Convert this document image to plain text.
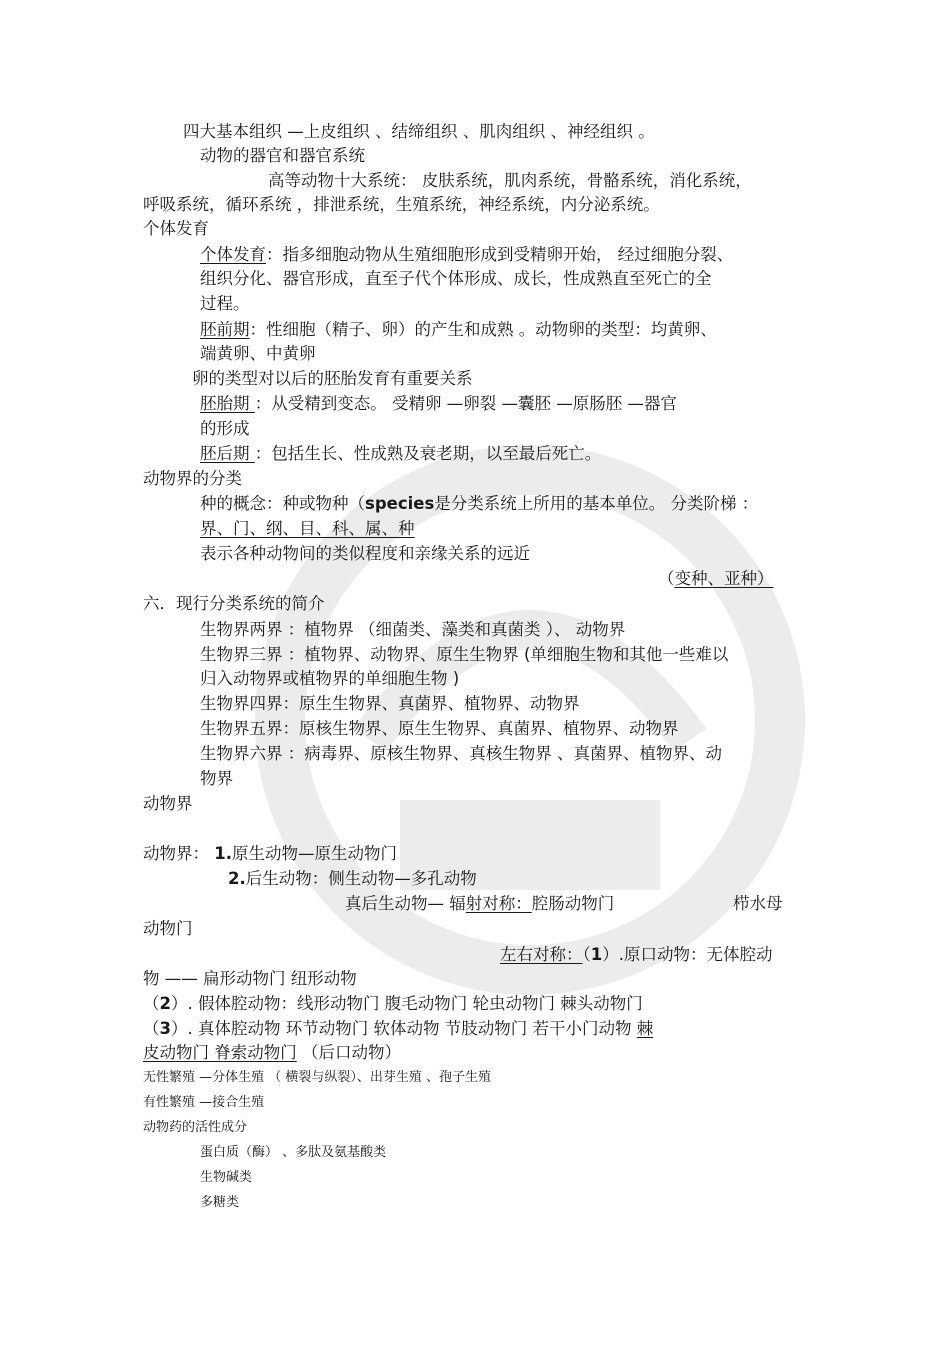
四大基本组织 —上皮组织 、结缔组织 、肌肉组织 、神经组织 。
动物的器官和器官系统
高等动物十大系统： 皮肤系统，肌肉系统，骨骼系统，消化系统，
呼吸系统，循环系统 ，排泄系统，生殖系统，神经系统，内分泌系统。
个体发育
个体发育：指多细胞动物从生殖细胞形成到受精卵开始， 经过细胞分裂、
组织分化、器官形成，直至子代个体形成、成长，性成熟直至死亡的全
过程。
胚前期：性细胞（精子、卵）的产生和成熟 。动物卵的类型：均黄卵、
端黄卵、中黄卵
卵的类型对以后的胚胎发育有重要关系
胚胎期 ：从受精到变态。 受精卵 —卵裂 —囊胚 —原肠胚 —器官
的形成
胚后期 ：包括生长、性成熟及衰老期，以至最后死亡。
动物界的分类
种的概念：种或物种（species是分类系统上所用的基本单位。 分类阶梯 ：
界、门、纲、目、科、属、种
表示各种动物间的类似程度和亲缘关系的远近
（变种、亚种）
六．现行分类系统的简介
生物界两界 ：植物界 （细菌类、藻类和真菌类 ）、 动物界
生物界三界 ：植物界、动物界、原生生物界 (单细胞生物和其他一些难以
归入动物界或植物界的单细胞生物 )
生物界四界：原生生物界、真菌界、植物界、动物界
生物界五界：原核生物界、原生生物界、真菌界、植物界、动物界
生物界六界 ：病毒界、原核生物界、真核生物界 、真菌界、植物界、动
物界
动物界
动物界： 1.原生动物—原生动物门
2.后生动物：侧生动物—多孔动物
真后生动物— 辐射对称：腔肠动物门	栉水母
动物门
左右对称：（1）.原口动物：无体腔动
物 —— 扁形动物门 纽形动物
（2）. 假体腔动物：线形动物门 腹毛动物门 轮虫动物门 棘头动物门
（3）. 真体腔动物 环节动物门 软体动物 节肢动物门 若干小门动物 棘
皮动物门 脊索动物门 （后口动物）
无性繁殖 —分体生殖 （ 横裂与纵裂）、出芽生殖 、孢子生殖
有性繁殖 —接合生殖
动物药的活性成分
蛋白质（酶） 、多肽及氨基酸类
生物碱类
多糖类
